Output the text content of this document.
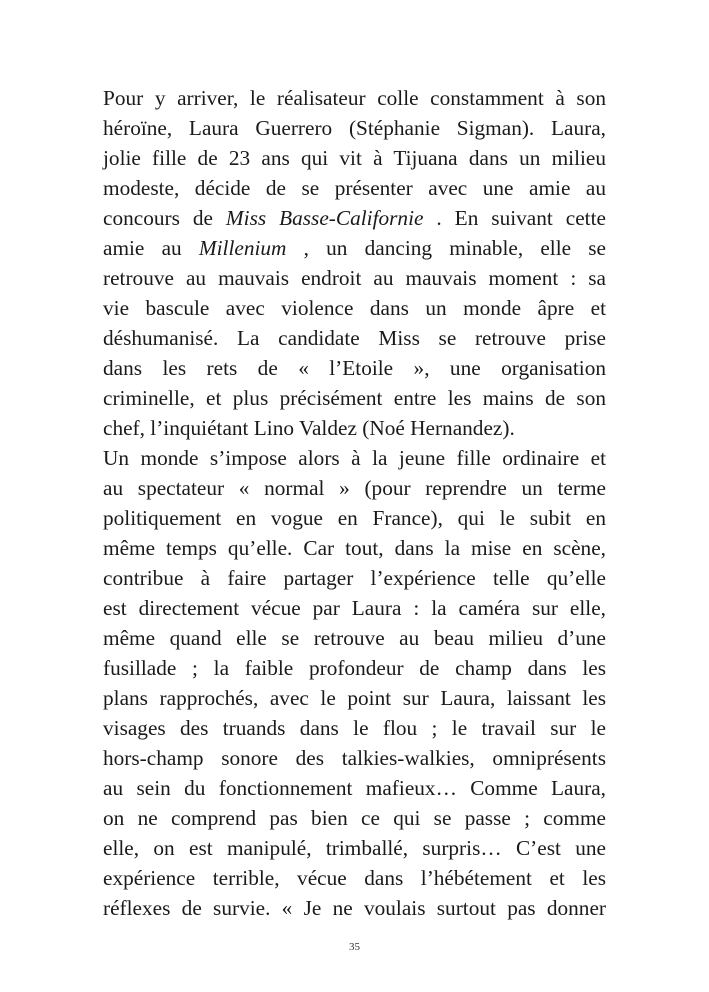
Pour y arriver, le réalisateur colle constamment à son
héroïne, Laura Guerrero (Stéphanie Sigman). Laura,
jolie fille de 23 ans qui vit à Tijuana dans un milieu
modeste, décide de se présenter avec une amie au
concours de Miss Basse-Californie . En suivant cette
amie au Millenium , un dancing minable, elle se
retrouve au mauvais endroit au mauvais moment : sa
vie bascule avec violence dans un monde âpre et
déshumanisé. La candidate Miss se retrouve prise
dans les rets de « l’Etoile », une organisation
criminelle, et plus précisément entre les mains de son
chef, l’inquiétant Lino Valdez (Noé Hernandez).
Un monde s’impose alors à la jeune fille ordinaire et
au spectateur « normal » (pour reprendre un terme
politiquement en vogue en France), qui le subit en
même temps qu’elle. Car tout, dans la mise en scène,
contribue à faire partager l’expérience telle qu’elle
est directement vécue par Laura : la caméra sur elle,
même quand elle se retrouve au beau milieu d’une
fusillade ; la faible profondeur de champ dans les
plans rapprochés, avec le point sur Laura, laissant les
visages des truands dans le flou ; le travail sur le
hors-champ sonore des talkies-walkies, omniprésents
au sein du fonctionnement mafieux… Comme Laura,
on ne comprend pas bien ce qui se passe ; comme
elle, on est manipulé, trimballé, surpris… C’est une
expérience terrible, vécue dans l’hébétement et les
réflexes de survie. « Je ne voulais surtout pas donner
35
